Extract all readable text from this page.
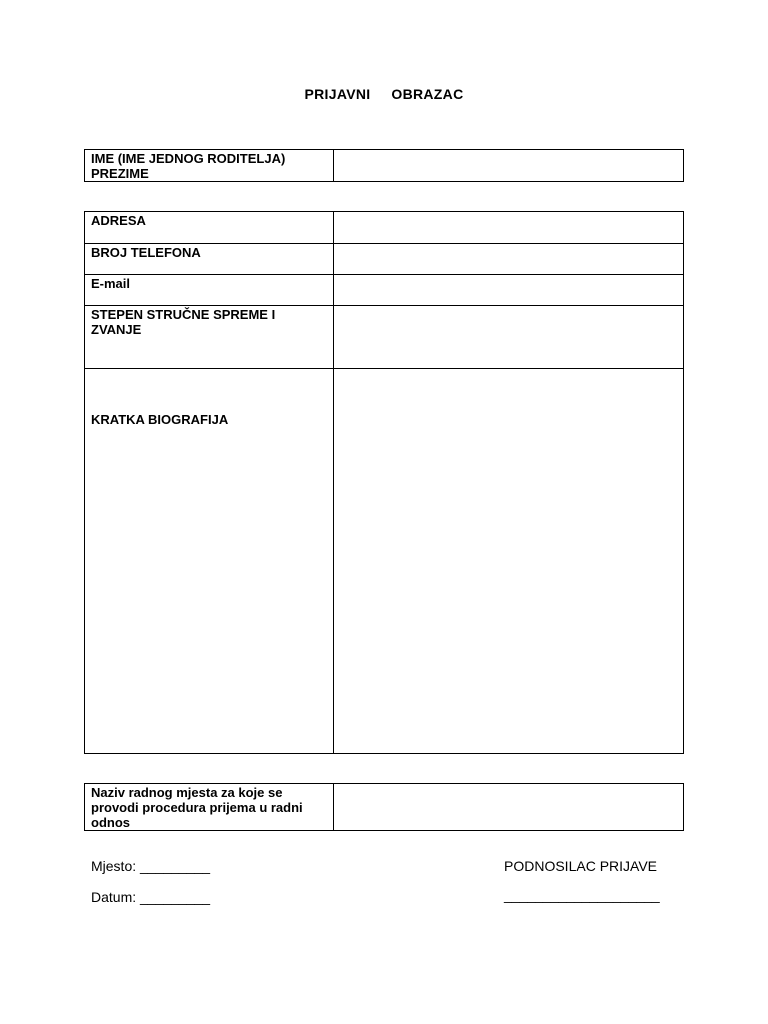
PRIJAVNI     OBRAZAC
IME (IME JEDNOG RODITELJA) PREZIME	
ADRESA	
BROJ TELEFONA	
E-mail	
STEPEN STRUČNE SPREME I ZVANJE	
KRATKA BIOGRAFIJA	
Naziv radnog mjesta za koje se provodi procedura prijema u radni odnos	
Mjesto: _________
Datum: _________
PODNOSILAC PRIJAVE
____________________
